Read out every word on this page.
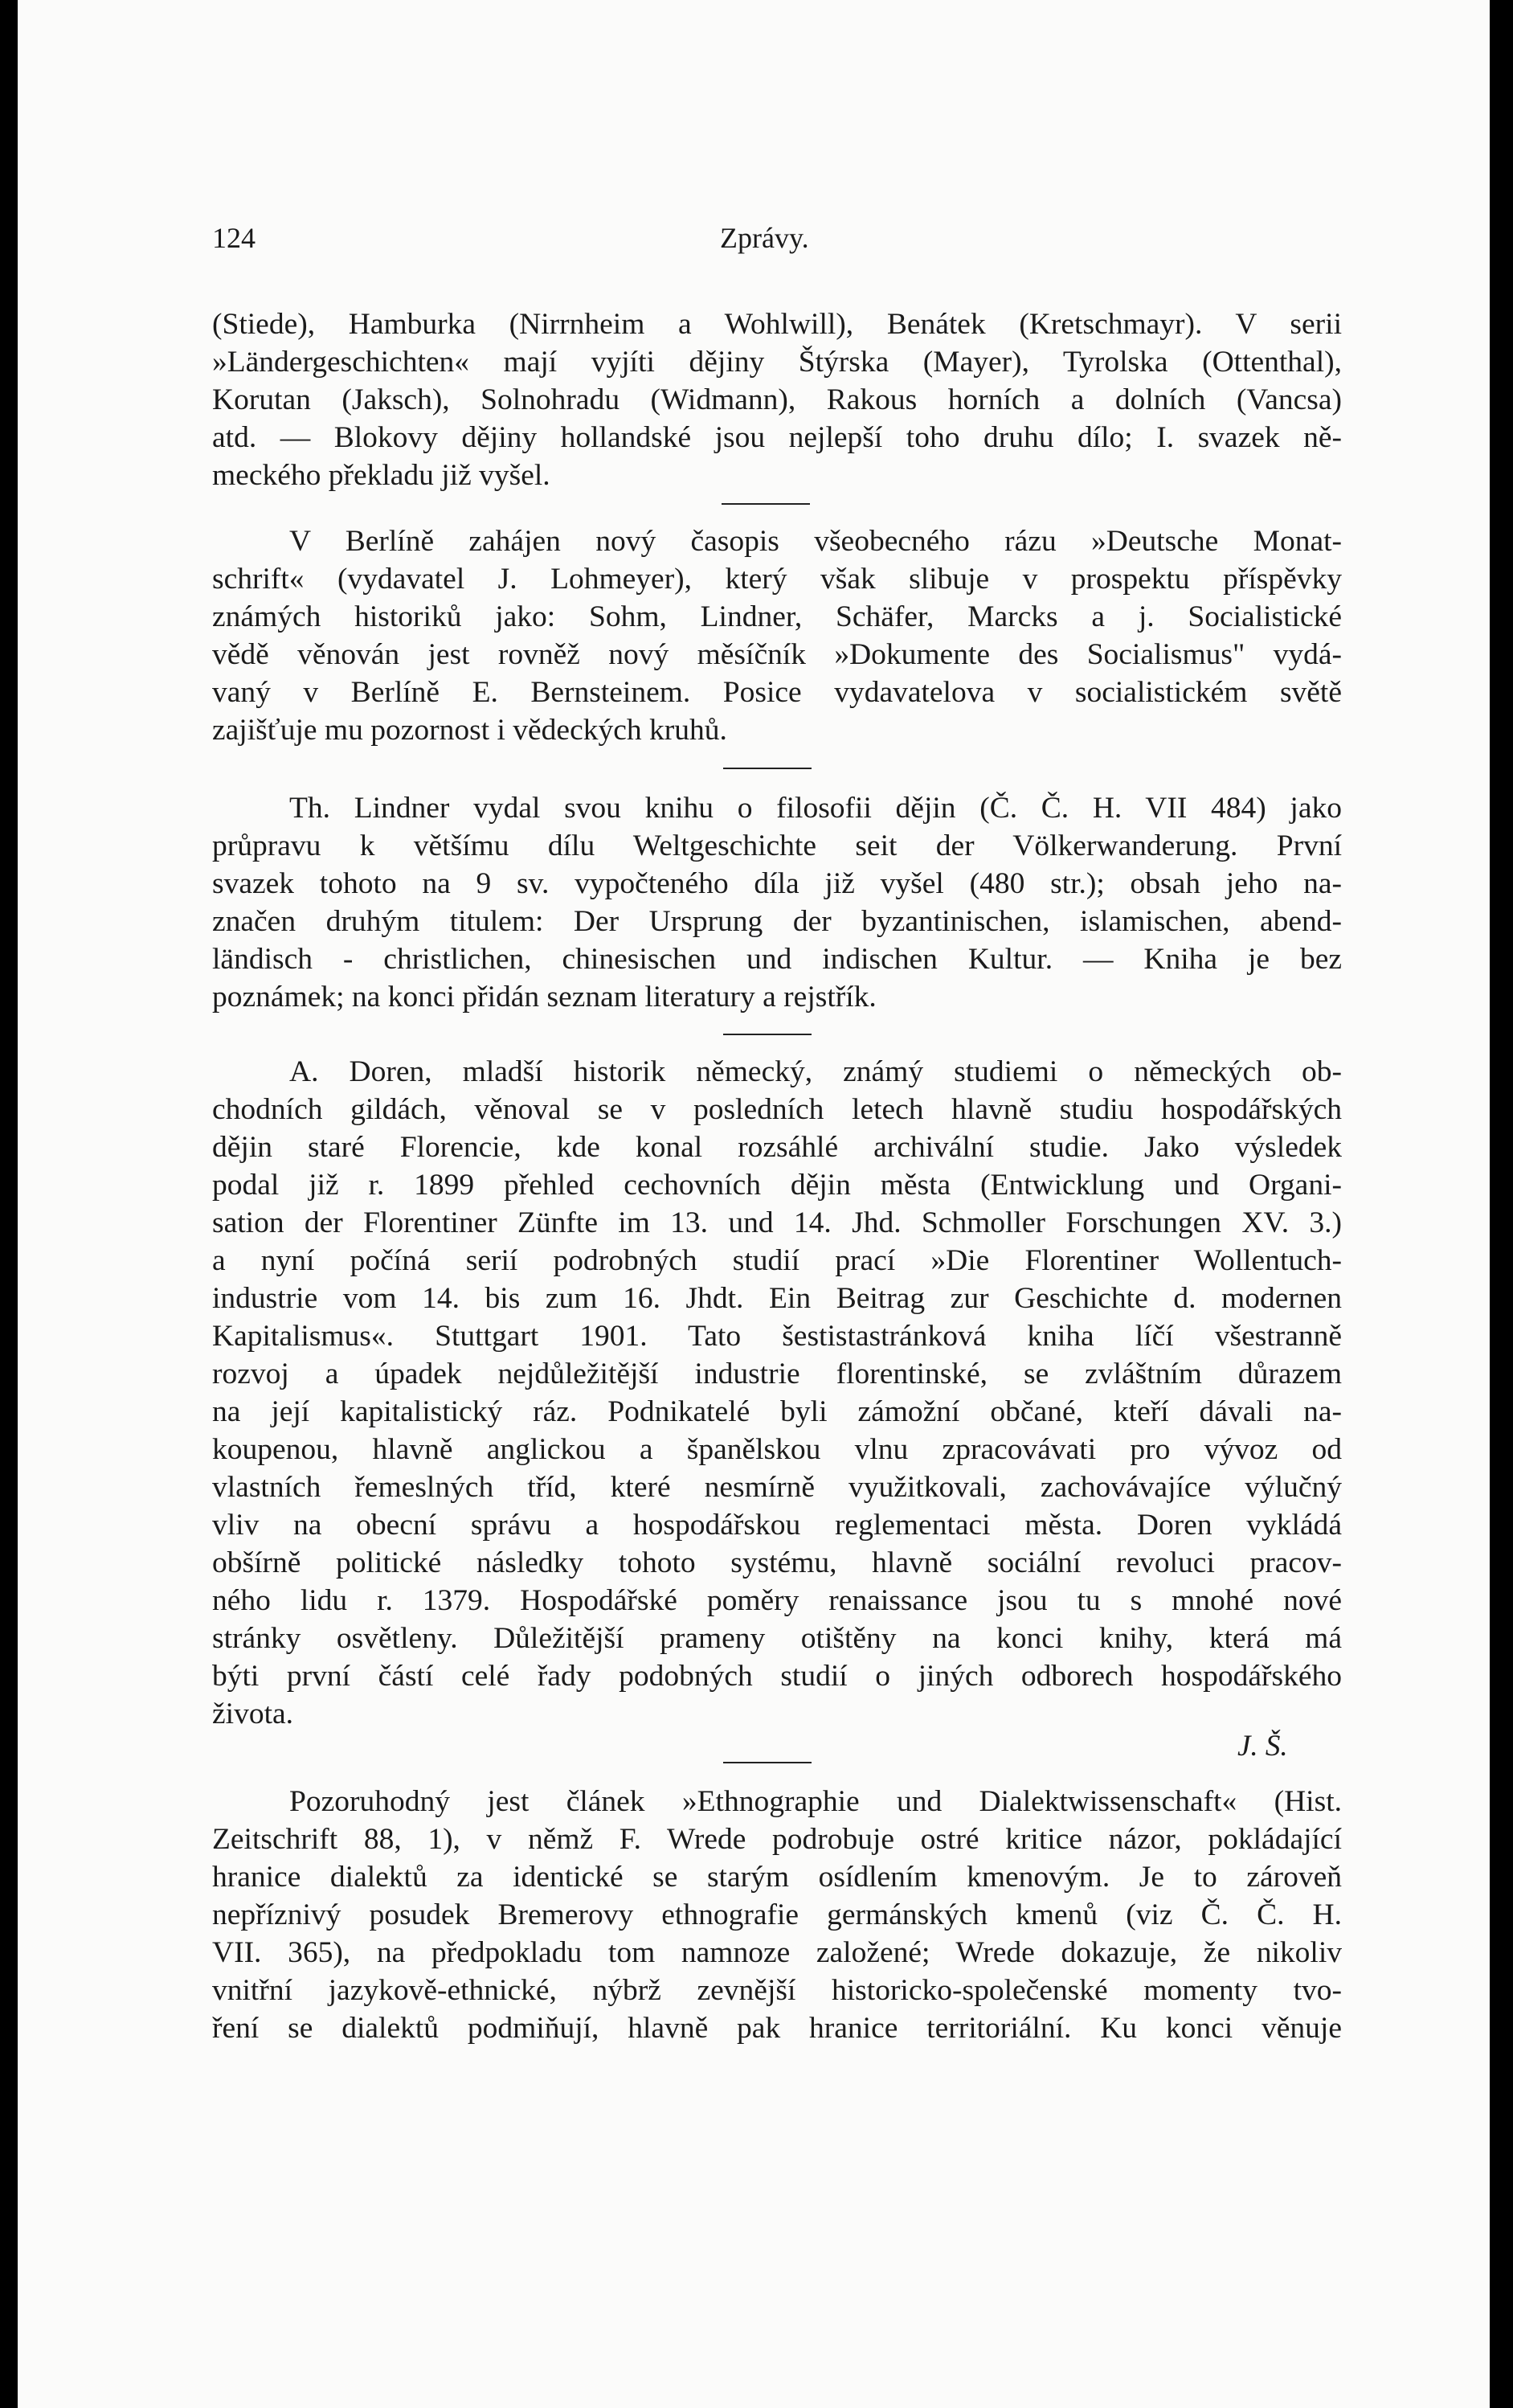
124	Zprávy.

(Stiede), Hamburka (Nirrnheim a Wohlwill), Benátek (Kretschmayr). V serii
»Ländergeschichten« mají vyjíti dějiny Štýrska (Mayer), Tyrolska (Ottenthal),
Korutan (Jaksch), Solnohradu (Widmann), Rakous horních a dolních (Vancsa)
atd. — Blokovy dějiny hollandské jsou nejlepší toho druhu dílo; I. svazek ně-
meckého překladu již vyšel.

V Berlíně zahájen nový časopis všeobecného rázu »Deutsche Monat-
schrift« (vydavatel J. Lohmeyer), který však slibuje v prospektu příspěvky
známých historiků jako: Sohm, Lindner, Schäfer, Marcks a j. Socialistické
vědě věnován jest rovněž nový měsíčník »Dokumente des Socialismus" vydá-
vaný v Berlíně E. Bernsteinem. Posice vydavatelova v socialistickém světě
zajišťuje mu pozornost i vědeckých kruhů.

Th. Lindner vydal svou knihu o filosofii dějin (Č. Č. H. VII 484) jako
průpravu k většímu dílu Weltgeschichte seit der Völkerwanderung. První
svazek tohoto na 9 sv. vypočteného díla již vyšel (480 str.); obsah jeho na-
značen druhým titulem: Der Ursprung der byzantinischen, islamischen, abend-
ländisch - christlichen, chinesischen und indischen Kultur. — Kniha je bez
poznámek; na konci přidán seznam literatury a rejstřík.

A. Doren, mladší historik německý, známý studiemi o německých ob-
chodních gildách, věnoval se v posledních letech hlavně studiu hospodářských
dějin staré Florencie, kde konal rozsáhlé archivální studie. Jako výsledek
podal již r. 1899 přehled cechovních dějin města (Entwicklung und Organi-
sation der Florentiner Zünfte im 13. und 14. Jhd. Schmoller Forschungen XV. 3.)
a nyní počíná serií podrobných studií prací »Die Florentiner Wollentuch-
industrie vom 14. bis zum 16. Jhdt. Ein Beitrag zur Geschichte d. modernen
Kapitalismus«. Stuttgart 1901. Tato šestistastránková kniha líčí všestranně
rozvoj a úpadek nejdůležitější industrie florentinské, se zvláštním důrazem
na její kapitalistický ráz. Podnikatelé byli zámožní občané, kteří dávali na-
koupenou, hlavně anglickou a španělskou vlnu zpracovávati pro vývoz od
vlastních řemeslných tříd, které nesmírně využitkovali, zachovávajíce výlučný
vliv na obecní správu a hospodářskou reglementaci města. Doren vykládá
obšírně politické následky tohoto systému, hlavně sociální revoluci pracov-
ného lidu r. 1379. Hospodářské poměry renaissance jsou tu s mnohé nové
stránky osvětleny. Důležitější prameny otištěny na konci knihy, která má
býti první částí celé řady podobných studií o jiných odborech hospodářského
života.

J. Š.

Pozoruhodný jest článek »Ethnographie und Dialektwissenschaft« (Hist.
Zeitschrift 88, 1), v němž F. Wrede podrobuje ostré kritice názor, pokládající
hranice dialektů za identické se starým osídlením kmenovým. Je to zároveň
nepříznivý posudek Bremerovy ethnografie germánských kmenů (viz Č. Č. H.
VII. 365), na předpokladu tom namnoze založené; Wrede dokazuje, že nikoliv
vnitřní jazykově-ethnické, nýbrž zevnější historicko-společenské momenty tvo-
ření se dialektů podmiňují, hlavně pak hranice territoriální. Ku konci věnuje
